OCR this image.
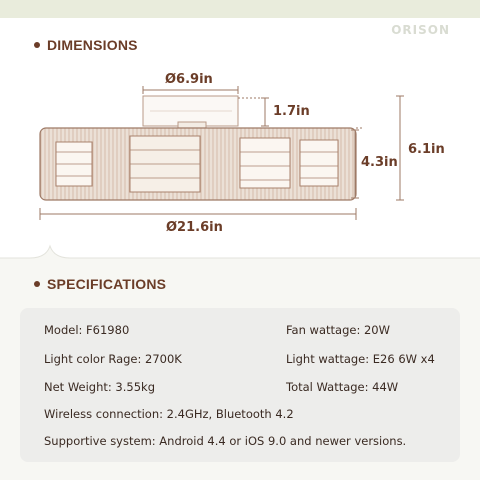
ORISON
DIMENSIONS
Ø6.9in
1.7in
4.3in
6.1in
Ø21.6in
SPECIFICATIONS
Model: F61980	Fan wattage: 20W
Light color Rage: 2700K	Light wattage: E26 6W x4
Net Weight: 3.55kg	Total Wattage: 44W
Wireless connection: 2.4GHz, Bluetooth 4.2
Supportive system: Android 4.4 or iOS 9.0 and newer versions.
